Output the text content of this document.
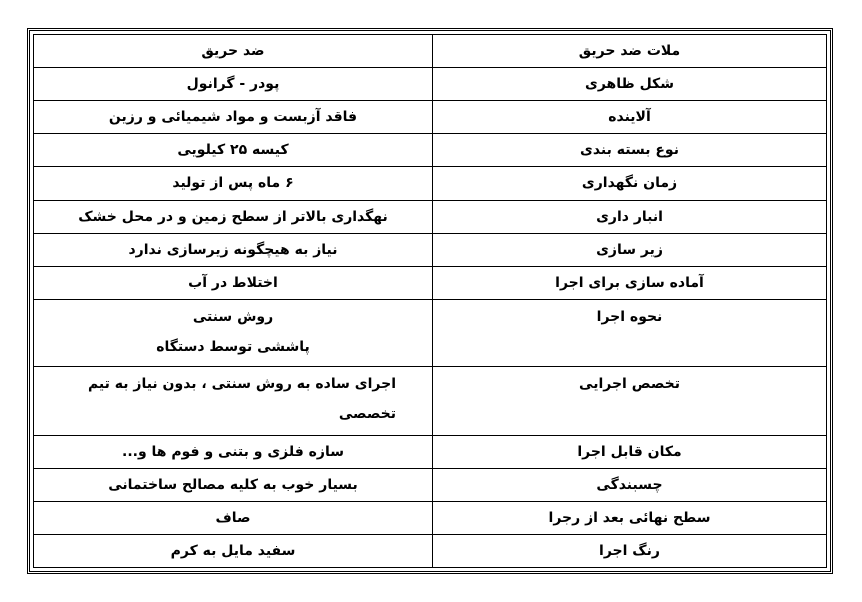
ملات ضد حریق	ضد حریق
شکل ظاهری	پودر - گرانول
آلاینده	فاقد آزبست و مواد شیمیائی و رزین
نوع بسته بندی	کیسه ۲۵ کیلویی
زمان نگهداری	۶ ماه پس از تولید
انبار داری	نهگداری بالاتر از سطح زمین و در محل خشک
زیر سازی	نیاز به هیچگونه زیرسازی ندارد
آماده سازی برای اجرا	اختلاط در آب
نحوه اجرا	روش سنتی
پاششی توسط دستگاه

تخصص اجرایی	اجرای ساده به روش سنتی ، بدون نیاز به تیم
تخصصی

مکان قابل اجرا	سازه فلزی و بتنی و فوم ها و...
چسبندگی	بسیار خوب به کلیه مصالح ساختمانی
سطح نهائی بعد از رجرا	صاف
رنگ اجرا	سفید مایل به کرم
